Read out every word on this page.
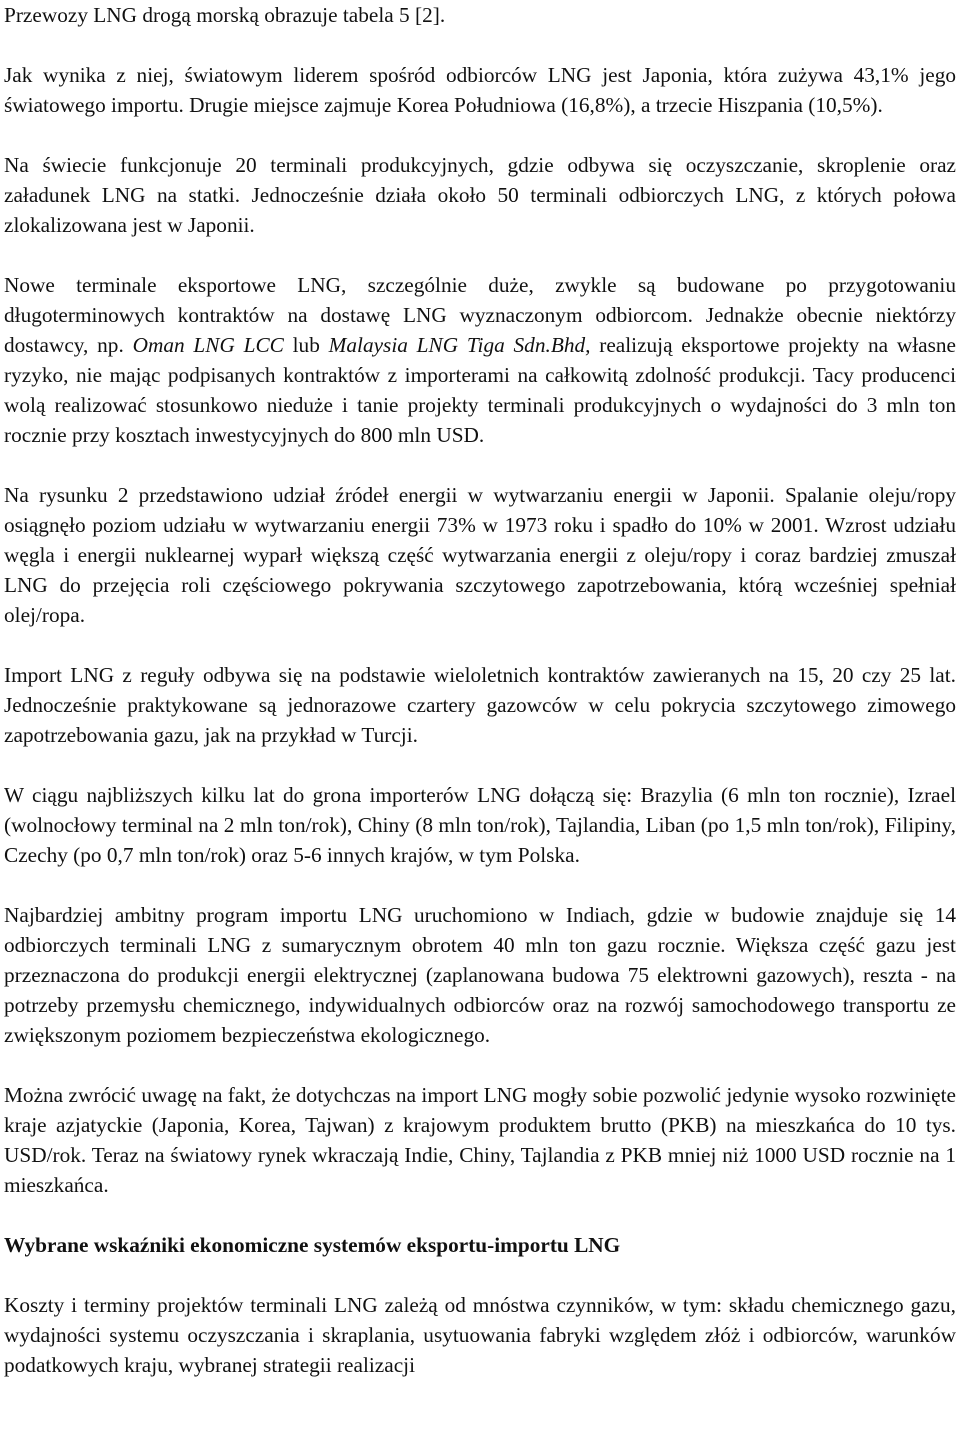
Przewozy LNG drogą morską obrazuje tabela 5 [2].

Jak wynika z niej, światowym liderem spośród odbiorców LNG jest Japonia, która zużywa 43,1% jego światowego importu. Drugie miejsce zajmuje Korea Południowa (16,8%), a trzecie Hiszpania (10,5%).

Na świecie funkcjonuje 20 terminali produkcyjnych, gdzie odbywa się oczyszczanie, skroplenie oraz załadunek LNG na statki. Jednocześnie działa około 50 terminali odbiorczych LNG, z których połowa zlokalizowana jest w Japonii.

Nowe terminale eksportowe LNG, szczególnie duże, zwykle są budowane po przygotowaniu długoterminowych kontraktów na dostawę LNG wyznaczonym odbiorcom. Jednakże obecnie niektórzy dostawcy, np. Oman LNG LCC lub Malaysia LNG Tiga Sdn.Bhd, realizują eksportowe projekty na własne ryzyko, nie mając podpisanych kontraktów z importerami na całkowitą zdolność produkcji. Tacy producenci wolą realizować stosunkowo nieduże i tanie projekty terminali produkcyjnych o wydajności do 3 mln ton rocznie przy kosztach inwestycyjnych do 800 mln USD.

Na rysunku 2 przedstawiono udział źródeł energii w wytwarzaniu energii w Japonii. Spalanie oleju/ropy osiągnęło poziom udziału w wytwarzaniu energii 73% w 1973 roku i spadło do 10% w 2001. Wzrost udziału węgla i energii nuklearnej wyparł większą część wytwarzania energii z oleju/ropy i coraz bardziej zmuszał LNG do przejęcia roli częściowego pokrywania szczytowego zapotrzebowania, którą wcześniej spełniał olej/ropa.

Import LNG z reguły odbywa się na podstawie wieloletnich kontraktów zawieranych na 15, 20 czy 25 lat. Jednocześnie praktykowane są jednorazowe czartery gazowców w celu pokrycia szczytowego zimowego zapotrzebowania gazu, jak na przykład w Turcji.

W ciągu najbliższych kilku lat do grona importerów LNG dołączą się: Brazylia (6 mln ton rocznie), Izrael (wolnocłowy terminal na 2 mln ton/rok), Chiny (8 mln ton/rok), Tajlandia, Liban (po 1,5 mln ton/rok), Filipiny, Czechy (po 0,7 mln ton/rok) oraz 5-6 innych krajów, w tym Polska.

Najbardziej ambitny program importu LNG uruchomiono w Indiach, gdzie w budowie znajduje się 14 odbiorczych terminali LNG z sumarycznym obrotem 40 mln ton gazu rocznie. Większa część gazu jest przeznaczona do produkcji energii elektrycznej (zaplanowana budowa 75 elektrowni gazowych), reszta - na potrzeby przemysłu chemicznego, indywidualnych odbiorców oraz na rozwój samochodowego transportu ze zwiększonym poziomem bezpieczeństwa ekologicznego.

Można zwrócić uwagę na fakt, że dotychczas na import LNG mogły sobie pozwolić jedynie wysoko rozwinięte kraje azjatyckie (Japonia, Korea, Tajwan) z krajowym produktem brutto (PKB) na mieszkańca do 10 tys. USD/rok. Teraz na światowy rynek wkraczają Indie, Chiny, Tajlandia z PKB mniej niż 1000 USD rocznie na 1 mieszkańca.

Wybrane wskaźniki ekonomiczne systemów eksportu-importu LNG

Koszty i terminy projektów terminali LNG zależą od mnóstwa czynników, w tym: składu chemicznego gazu, wydajności systemu oczyszczania i skraplania, usytuowania fabryki względem złóż i odbiorców, warunków podatkowych kraju, wybranej strategii realizacji
